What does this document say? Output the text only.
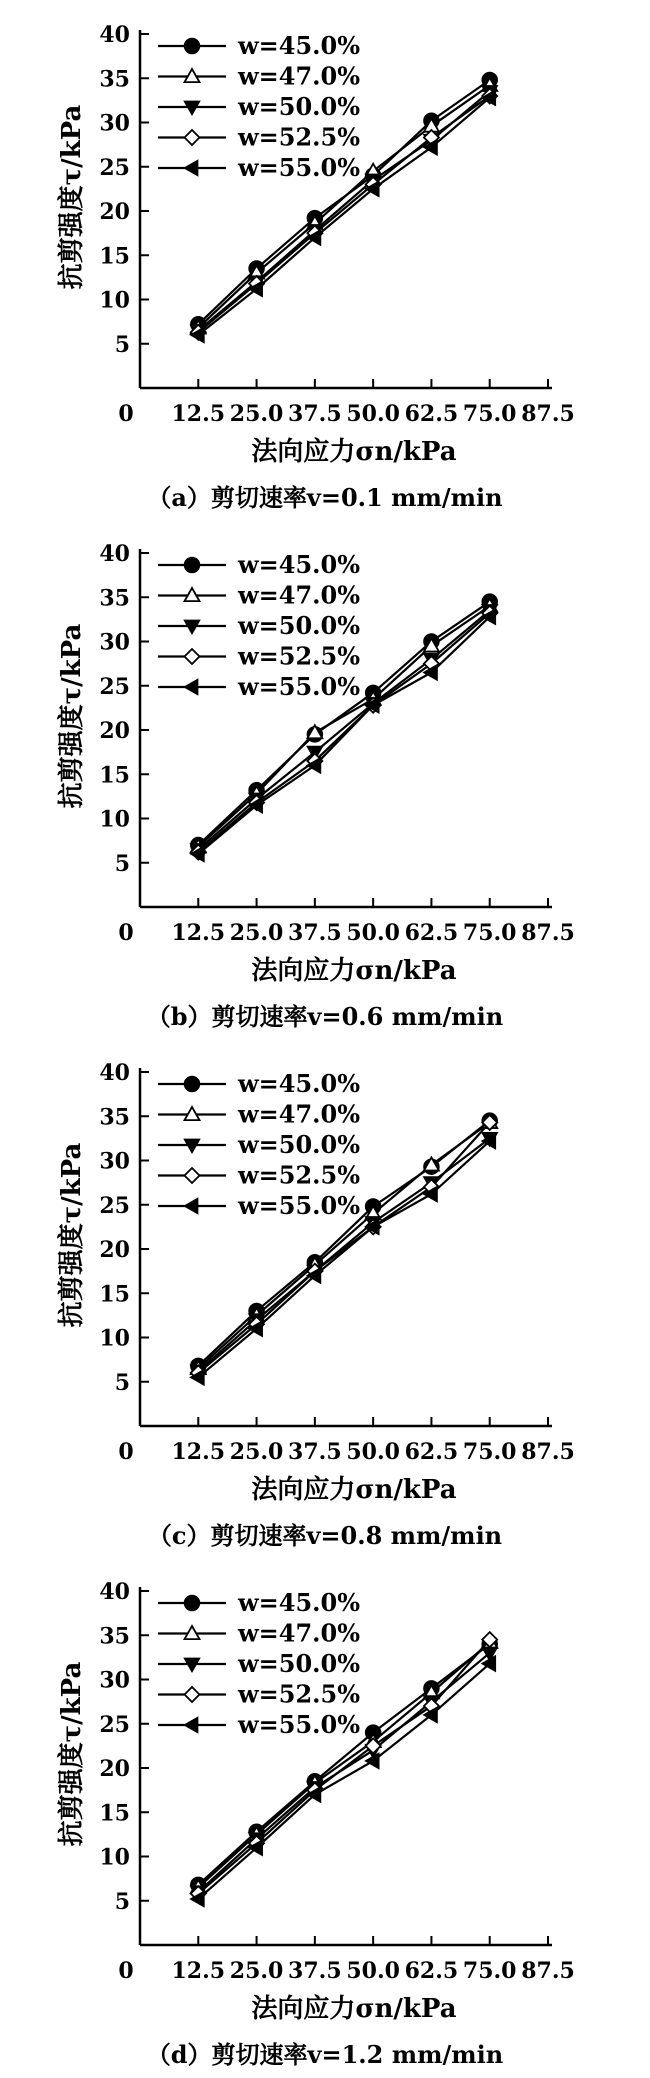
5
10
15
20
25
30
35
40
0 12.5 25.0 37.5 50.0 62.5 75.0 87.5
w=45.0%
w=47.0%
w=50.0%
w=52.5%
w=55.0%
抗剪强度τ/kPa
法向应力σn/kPa
（a）剪切速率v=0.1 mm/min
5
10
15
20
25
30
35
40
0 12.5 25.0 37.5 50.0 62.5 75.0 87.5
w=45.0%
w=47.0%
w=50.0%
w=52.5%
w=55.0%
抗剪强度τ/kPa
法向应力σn/kPa
（b）剪切速率v=0.6 mm/min
5
10
15
20
25
30
35
40
0 12.5 25.0 37.5 50.0 62.5 75.0 87.5
w=45.0%
w=47.0%
w=50.0%
w=52.5%
w=55.0%
抗剪强度τ/kPa
法向应力σn/kPa
（c）剪切速率v=0.8 mm/min
5
10
15
20
25
30
35
40
0 12.5 25.0 37.5 50.0 62.5 75.0 87.5
w=45.0%
w=47.0%
w=50.0%
w=52.5%
w=55.0%
抗剪强度τ/kPa
法向应力σn/kPa
（d）剪切速率v=1.2 mm/min
